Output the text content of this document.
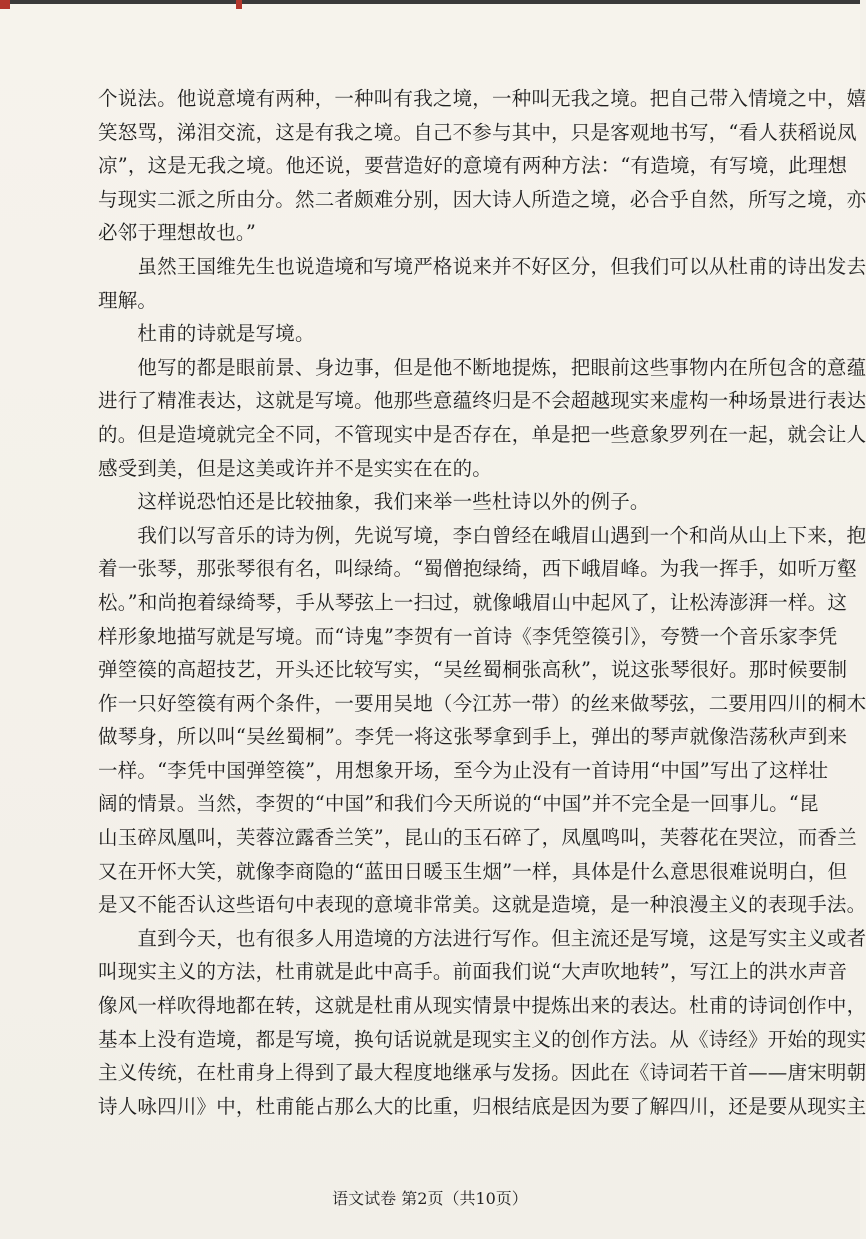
个说法。他说意境有两种，一种叫有我之境，一种叫无我之境。把自己带入情境之中，嬉
笑怒骂，涕泪交流，这是有我之境。自己不参与其中，只是客观地书写，“看人获稻说凤
凉”，这是无我之境。他还说，要营造好的意境有两种方法：“有造境，有写境，此理想
与现实二派之所由分。然二者颇难分别，因大诗人所造之境，必合乎自然，所写之境，亦
必邻于理想故也。”
　　虽然王国维先生也说造境和写境严格说来并不好区分，但我们可以从杜甫的诗出发去
理解。
　　杜甫的诗就是写境。
　　他写的都是眼前景、身边事，但是他不断地提炼，把眼前这些事物内在所包含的意蕴
进行了精准表达，这就是写境。他那些意蕴终归是不会超越现实来虚构一种场景进行表达
的。但是造境就完全不同，不管现实中是否存在，单是把一些意象罗列在一起，就会让人
感受到美，但是这美或许并不是实实在在的。
　　这样说恐怕还是比较抽象，我们来举一些杜诗以外的例子。
　　我们以写音乐的诗为例，先说写境，李白曾经在峨眉山遇到一个和尚从山上下来，抱
着一张琴，那张琴很有名，叫绿绮。“蜀僧抱绿绮，西下峨眉峰。为我一挥手，如听万壑
松。”和尚抱着绿绮琴，手从琴弦上一扫过，就像峨眉山中起风了，让松涛澎湃一样。这
样形象地描写就是写境。而“诗鬼”李贺有一首诗《李凭箜篌引》，夸赞一个音乐家李凭
弹箜篌的高超技艺，开头还比较写实，“吴丝蜀桐张高秋”，说这张琴很好。那时候要制
作一只好箜篌有两个条件，一要用吴地（今江苏一带）的丝来做琴弦，二要用四川的桐木
做琴身，所以叫“吴丝蜀桐”。李凭一将这张琴拿到手上，弹出的琴声就像浩荡秋声到来
一样。“李凭中国弹箜篌”，用想象开场，至今为止没有一首诗用“中国”写出了这样壮
阔的情景。当然，李贺的“中国”和我们今天所说的“中国”并不完全是一回事儿。“昆
山玉碎凤凰叫，芙蓉泣露香兰笑”，昆山的玉石碎了，凤凰鸣叫，芙蓉花在哭泣，而香兰
又在开怀大笑，就像李商隐的“蓝田日暖玉生烟”一样，具体是什么意思很难说明白，但
是又不能否认这些语句中表现的意境非常美。这就是造境，是一种浪漫主义的表现手法。
　　直到今天，也有很多人用造境的方法进行写作。但主流还是写境，这是写实主义或者
叫现实主义的方法，杜甫就是此中高手。前面我们说“大声吹地转”，写江上的洪水声音
像风一样吹得地都在转，这就是杜甫从现实情景中提炼出来的表达。杜甫的诗词创作中，
基本上没有造境，都是写境，换句话说就是现实主义的创作方法。从《诗经》开始的现实
主义传统，在杜甫身上得到了最大程度地继承与发扬。因此在《诗词若干首——唐宋明朝
诗人咏四川》中，杜甫能占那么大的比重，归根结底是因为要了解四川，还是要从现实主
语文试卷 第2页（共10页）
